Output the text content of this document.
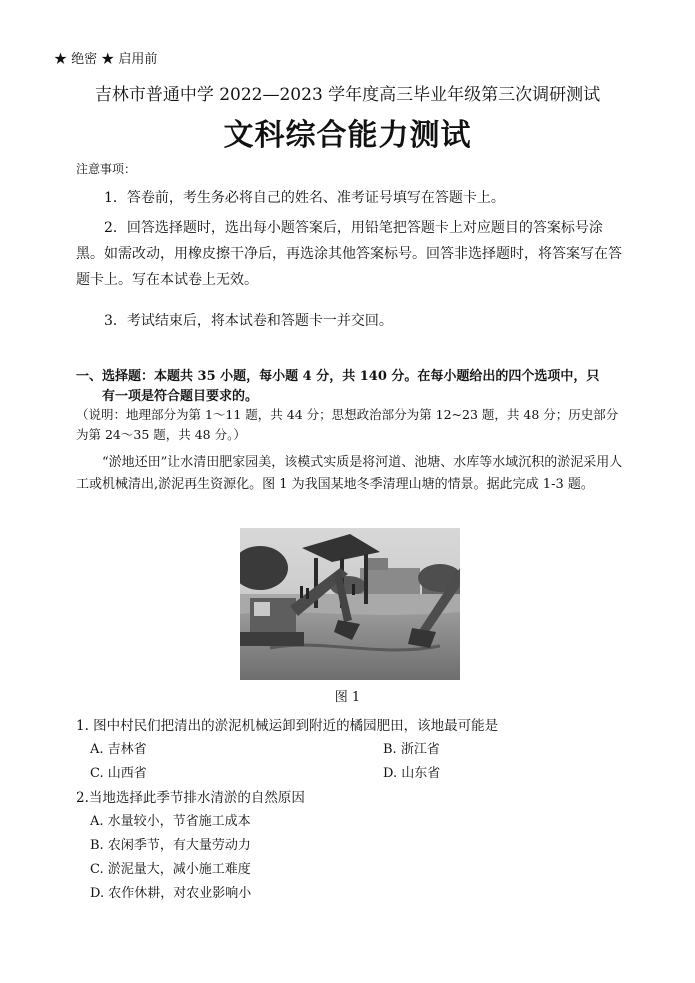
★ 绝密 ★ 启用前
吉林市普通中学 2022—2023 学年度高三毕业年级第三次调研测试
文科综合能力测试
注意事项：
1．答卷前，考生务必将自己的姓名、准考证号填写在答题卡上。
2．回答选择题时，选出每小题答案后，用铅笔把答题卡上对应题目的答案标号涂黑。如需改动，用橡皮擦干净后，再选涂其他答案标号。回答非选择题时，将答案写在答题卡上。写在本试卷上无效。
3．考试结束后，将本试卷和答题卡一并交回。
一、选择题：本题共 35 小题，每小题 4 分，共 140 分。在每小题给出的四个选项中，只
有一项是符合题目要求的。
（说明：地理部分为第 1～11 题，共 44 分；思想政治部分为第 12~23 题，共 48 分；历史部分为第 24～35 题，共 48 分。）
“淤地还田”让水清田肥家园美，该模式实质是将河道、池塘、水库等水域沉积的淤泥采用人工或机械清出,淤泥再生资源化。图 1 为我国某地冬季清理山塘的情景。据此完成 1-3 题。
图 1
1. 图中村民们把清出的淤泥机械运卸到附近的橘园肥田，该地最可能是
A. 吉林省	B. 浙江省
C. 山西省	D. 山东省
2.当地选择此季节排水清淤的自然原因
A. 水量较小，节省施工成本
B. 农闲季节，有大量劳动力
C. 淤泥量大，减小施工难度
D. 农作休耕，对农业影响小
